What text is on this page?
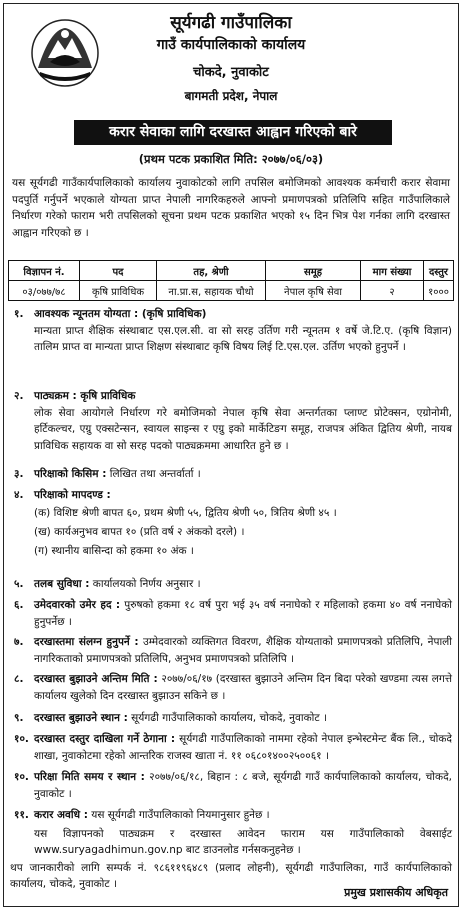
सूर्यगढी गाउँपालिका
गाउँ कार्यपालिकाको कार्यालय
चोकदे, नुवाकोट
बागमती प्रदेश, नेपाल
करार सेवाका लागि दरखास्त आह्वान गरिएको बारे
(प्रथम पटक प्रकाशित मिति: २०७७/०६/०३)
यस सूर्यगढी गाउँकार्यपालिकाको कार्यालय नुवाकोटको लागि तपसिल बमोजिमको आवश्यक कर्मचारी करार सेवामा पदपुर्ति गर्नुपर्ने भएकाले योग्यता प्राप्त नेपाली नागरिकहरुले आफ्नो प्रमाणपत्रको प्रतिलिपि सहित गाउँपालिकाले निर्धारण गरेको फाराम भरी तपसिलको सूचना प्रथम पटक प्रकाशित भएको १५ दिन भित्र पेश गर्नका लागि दरखास्त आह्वान गरिएको छ ।
विज्ञापन नं.	पद	तह, श्रेणी	समूह	माग संख्या	दस्तुर
०३/०७७/७८	कृषि प्राविधिक	ना.प्रा.स, सहायक चौथो	नेपाल कृषि सेवा	२	१०००
१. आवश्यक न्यूनतम योग्यता : (कृषि प्राविधिक)
मान्यता प्राप्त शैक्षिक संस्थाबाट एस.एल.सी. वा सो सरह उर्तिण गरी न्यूनतम १ वर्षे जे.टि.ए. (कृषि विज्ञान) तालिम प्राप्त वा मान्यता प्राप्त शिक्षण संस्थाबाट कृषि विषय लिई टि.एस.एल. उर्तिण भएको हुनुपर्ने ।
२. पाठ्यक्रम : कृषि प्राविधिक
लोक सेवा आयोगले निर्धारण गरे बमोजिमको नेपाल कृषि सेवा अन्तर्गतका प्लाण्ट प्रोटेक्सन, एग्रोनोमी, हर्टिकल्चर, एग्रु एक्सटेन्सन, स्वायल साइन्स र एग्रु इको मार्केटिङग समूह, राजपत्र अंकित द्वितिय श्रेणी, नायब प्राविधिक सहायक वा सो सरह पदको पाठ्यक्रममा आधारित हुने छ ।
३. परिक्षाको किसिम : लिखित तथा अन्तर्वार्ता ।
४. परिक्षाको मापदण्ड :
(क) विशिष्ट श्रेणी बापत ६०, प्रथम श्रेणी ५५, द्वितिय श्रेणी ५०, त्रितिय श्रेणी ४५ ।
(ख) कार्यअनुभव बापत १० (प्रति वर्ष २ अंकको दरले) ।
(ग) स्थानीय बासिन्दा को हकमा १० अंक ।
५. तलब सुविधा : कार्यालयको निर्णय अनुसार ।
६. उमेदवारको उमेर हद : पुरुषको हकमा १८ वर्ष पुरा भई ३५ वर्ष ननाघेको र महिलाको हकमा ४० वर्ष ननाघेको हुनुपर्नेछ ।
७. दरखास्तमा संलग्न हुनुपर्ने : उम्मेदवारको व्यक्तिगत विवरण, शैक्षिक योग्यताको प्रमाणपत्रको प्रतिलिपि, नेपाली नागरिकताको प्रमाणपत्रको प्रतिलिपि, अनुभव प्रमाणपत्रको प्रतिलिपि ।
८. दरखास्त बुझाउने अन्तिम मिति : २०७७/०६/१७ (दरखास्त बुझाउने अन्तिम दिन बिदा परेको खण्डमा त्यस लगत्ते कार्यालय खुलेको दिन दरखास्त बुझाउन सकिने छ ।
९. दरखास्त बुझाउने स्थान : सूर्यगढी गाउँपालिकाको कार्यालय, चोकदे, नुवाकोट ।
१०. दरखास्त दस्तुर दाखिला गर्ने ठेगाना : सूर्यगढी गाउँपालिकाको नाममा रहेको नेपाल इन्भेस्टमेन्ट बैंक लि., चोकदे शाखा, नुवाकोटमा रहेको आन्तरिक राजस्व खाता नं. ११ ०६८०१४००२५००६१ ।
१०. परिक्षा मिति समय र स्थान : २०७७/०६/१८, बिहान : ८ बजे, सूर्यगढी गाउँ कार्यपालिकाको कार्यालय, चोकदे, नुवाकोट ।
११. करार अवधि : यस सूर्यगढी गाउँपालिकाको नियमानुसार हुनेछ ।
यस विज्ञापनको पाठ्यक्रम र दरखास्त आवेदन फाराम यस गाउँपालिकाको वेबसाईट www.suryagadhimun.gov.np बाट डाउनलोड गर्नसकनुहनेछ ।
थप जानकारीको लागि सम्पर्क नं. ९८६११९६४८९ (प्रलाद लोहनी), सूर्यगढी गाउँपालिका, गाउँ कार्यपालिकाको कार्यालय, चोकदे, नुवाकोट ।
प्रमुख प्रशासकीय अधिकृत
